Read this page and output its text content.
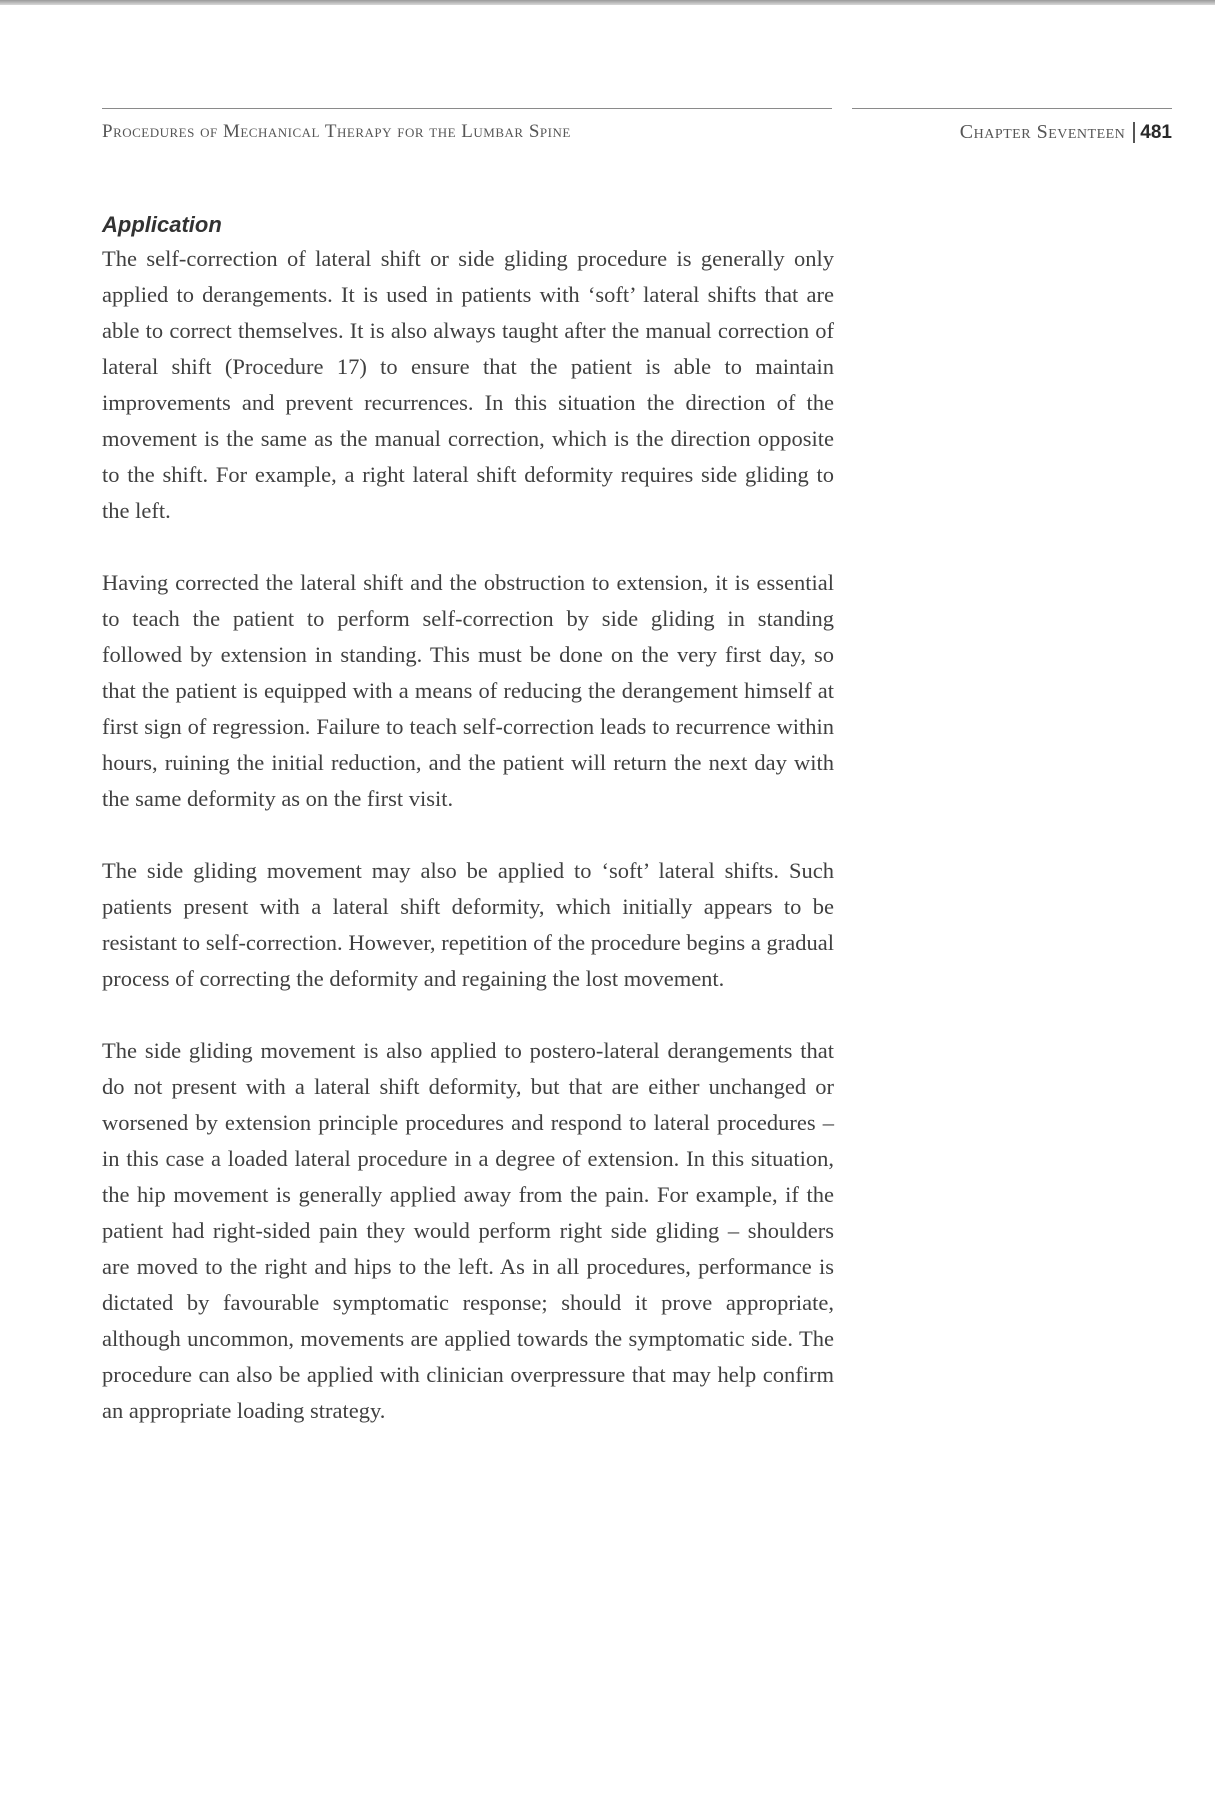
Procedures of Mechanical Therapy for the Lumbar Spine	Chapter Seventeen 481
Application

The self-correction of lateral shift or side gliding procedure is generally only applied to derangements. It is used in patients with ‘soft’ lateral shifts that are able to correct themselves. It is also always taught after the manual correction of lateral shift (Procedure 17) to ensure that the patient is able to maintain improvements and prevent recurrences. In this situation the direction of the movement is the same as the manual correction, which is the direction opposite to the shift. For example, a right lateral shift deformity requires side gliding to the left.

Having corrected the lateral shift and the obstruction to extension, it is essential to teach the patient to perform self-correction by side gliding in standing followed by extension in standing. This must be done on the very first day, so that the patient is equipped with a means of reducing the derangement himself at first sign of regression. Failure to teach self-correction leads to recurrence within hours, ruining the initial reduction, and the patient will return the next day with the same deformity as on the first visit.

The side gliding movement may also be applied to ‘soft’ lateral shifts. Such patients present with a lateral shift deformity, which initially appears to be resistant to self-correction. However, repetition of the procedure begins a gradual process of correcting the deformity and regaining the lost movement.

The side gliding movement is also applied to postero-lateral derangements that do not present with a lateral shift deformity, but that are either unchanged or worsened by extension principle procedures and respond to lateral procedures – in this case a loaded lateral procedure in a degree of extension. In this situation, the hip movement is generally applied away from the pain. For example, if the patient had right-sided pain they would perform right side gliding – shoulders are moved to the right and hips to the left. As in all procedures, performance is dictated by favourable symptomatic response; should it prove appropriate, although uncommon, movements are applied towards the symptomatic side. The procedure can also be applied with clinician overpressure that may help confirm an appropriate loading strategy.
